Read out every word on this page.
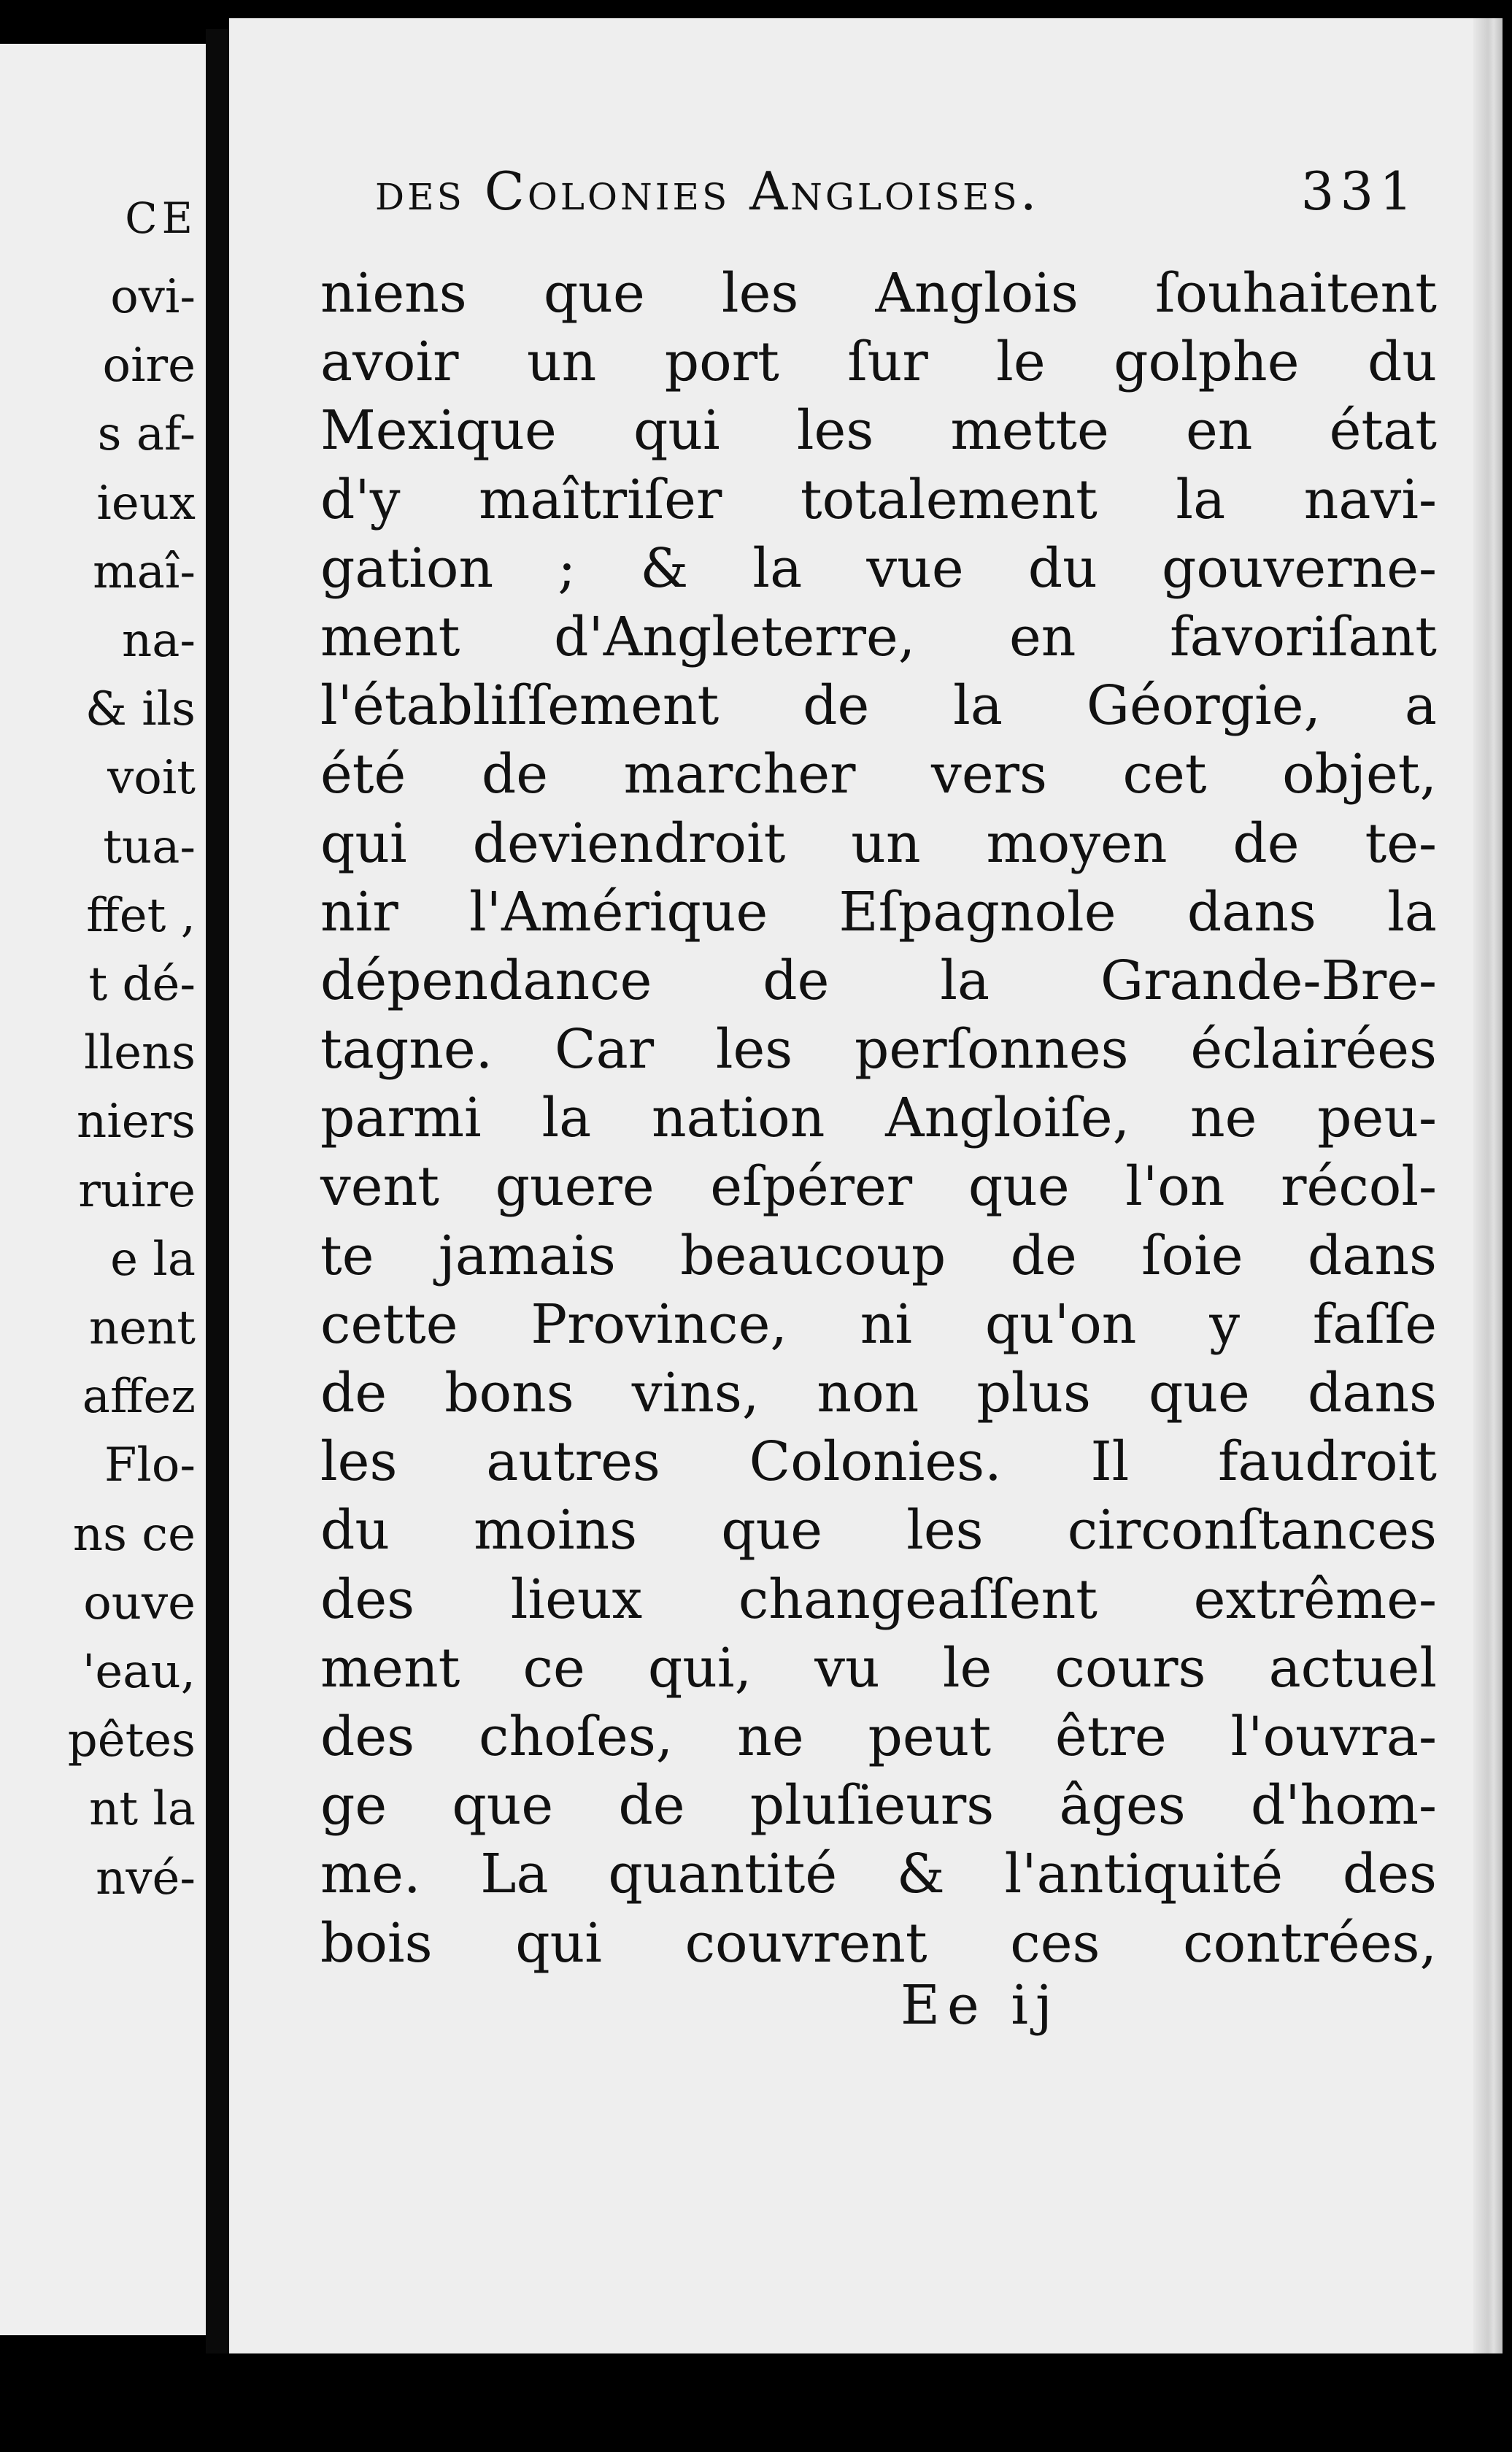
CE
ovi-
oire
s af-
ieux
maî-
na-
& ils
voit
tua-
ffet ,
t dé-
llens
niers
ruire
e la
nent
affez
Flo-
ns ce
ouve
'eau,
pêtes
nt la
nvé-
des Colonies Angloises.	331
niens que les Anglois ſouhaitent
avoir un port ſur le golphe du
Mexique qui les mette en état
d'y maîtriſer totalement la navi-
gation ; & la vue du gouverne-
ment d'Angleterre, en favoriſant
l'établiſſement de la Géorgie, a
été de marcher vers cet objet,
qui deviendroit un moyen de te-
nir l'Amérique Eſpagnole dans la
dépendance de la Grande-Bre-
tagne. Car les perſonnes éclairées
parmi la nation Angloiſe, ne peu-
vent guere eſpérer que l'on récol-
te jamais beaucoup de ſoie dans
cette Province, ni qu'on y faſſe
de bons vins, non plus que dans
les autres Colonies. Il faudroit
du moins que les circonſtances
des lieux changeaſſent extrême-
ment ce qui, vu le cours actuel
des choſes, ne peut être l'ouvra-
ge que de pluſieurs âges d'hom-
me. La quantité & l'antiquité des
bois qui couvrent ces contrées,
Ee ij
